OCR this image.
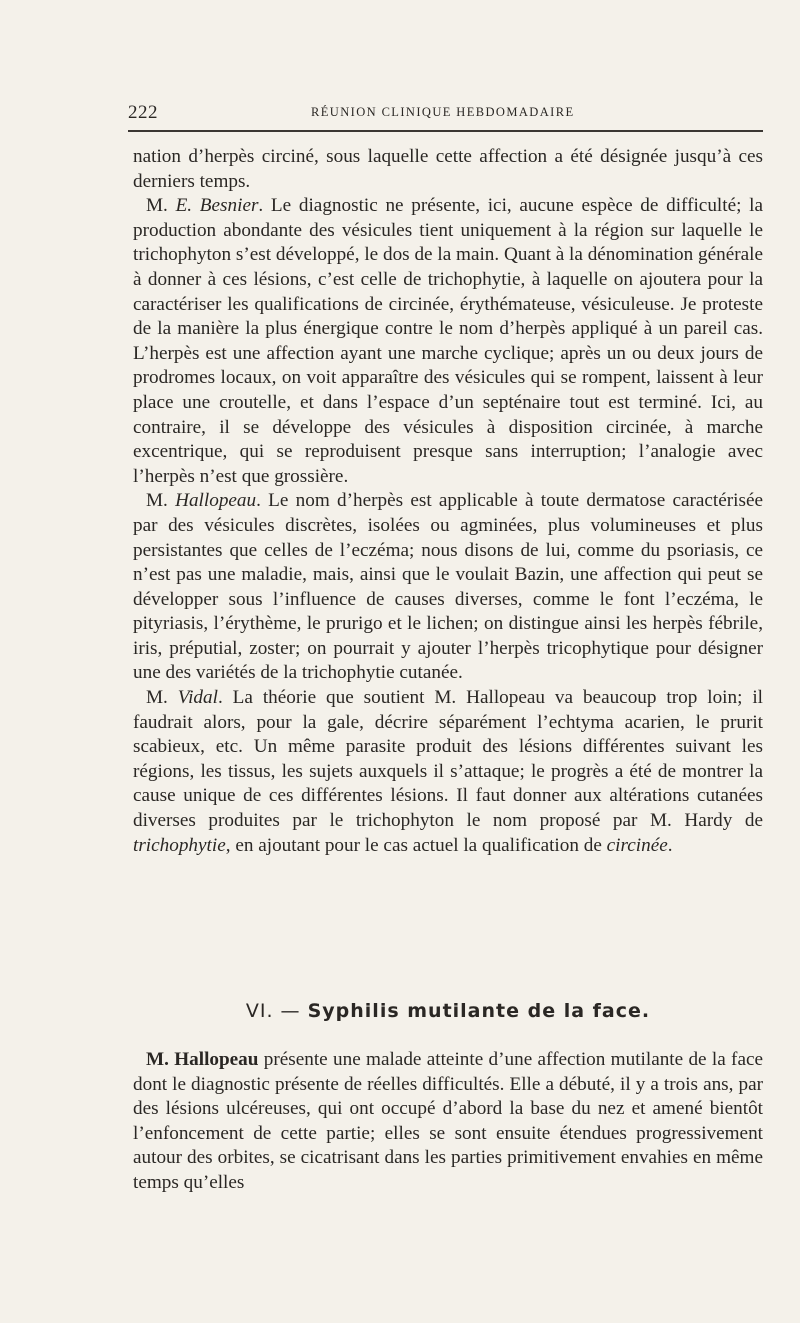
222	RÉUNION CLINIQUE HEBDOMADAIRE

nation d’herpès circiné, sous laquelle cette affection a été désignée jusqu’à ces derniers temps.

M. E. Besnier. Le diagnostic ne présente, ici, aucune espèce de difficulté; la production abondante des vésicules tient uniquement à la région sur laquelle le trichophyton s’est développé, le dos de la main. Quant à la dénomination générale à donner à ces lésions, c’est celle de trichophytie, à laquelle on ajoutera pour la caractériser les qualifications de circinée, érythémateuse, vésiculeuse. Je proteste de la manière la plus énergique contre le nom d’herpès appliqué à un pareil cas. L’herpès est une affection ayant une marche cyclique; après un ou deux jours de prodromes locaux, on voit apparaître des vésicules qui se rompent, laissent à leur place une croutelle, et dans l’espace d’un septénaire tout est terminé. Ici, au contraire, il se développe des vésicules à disposition circinée, à marche excentrique, qui se reproduisent presque sans interruption; l’analogie avec l’herpès n’est que grossière.

M. Hallopeau. Le nom d’herpès est applicable à toute dermatose caractérisée par des vésicules discrètes, isolées ou agminées, plus volumineuses et plus persistantes que celles de l’eczéma; nous disons de lui, comme du psoriasis, ce n’est pas une maladie, mais, ainsi que le voulait Bazin, une affection qui peut se développer sous l’influence de causes diverses, comme le font l’eczéma, le pityriasis, l’érythème, le prurigo et le lichen; on distingue ainsi les herpès fébrile, iris, préputial, zoster; on pourrait y ajouter l’herpès tricophytique pour désigner une des variétés de la trichophytie cutanée.

M. Vidal. La théorie que soutient M. Hallopeau va beaucoup trop loin; il faudrait alors, pour la gale, décrire séparément l’echtyma acarien, le prurit scabieux, etc. Un même parasite produit des lésions différentes suivant les régions, les tissus, les sujets auxquels il s’attaque; le progrès a été de montrer la cause unique de ces différentes lésions. Il faut donner aux altérations cutanées diverses produites par le trichophyton le nom proposé par M. Hardy de trichophytie, en ajoutant pour le cas actuel la qualification de circinée.

VI. — Syphilis mutilante de la face.

M. Hallopeau présente une malade atteinte d’une affection mutilante de la face dont le diagnostic présente de réelles difficultés. Elle a débuté, il y a trois ans, par des lésions ulcéreuses, qui ont occupé d’abord la base du nez et amené bientôt l’enfoncement de cette partie; elles se sont ensuite étendues progressivement autour des orbites, se cicatrisant dans les parties primitivement envahies en même temps qu’elles
